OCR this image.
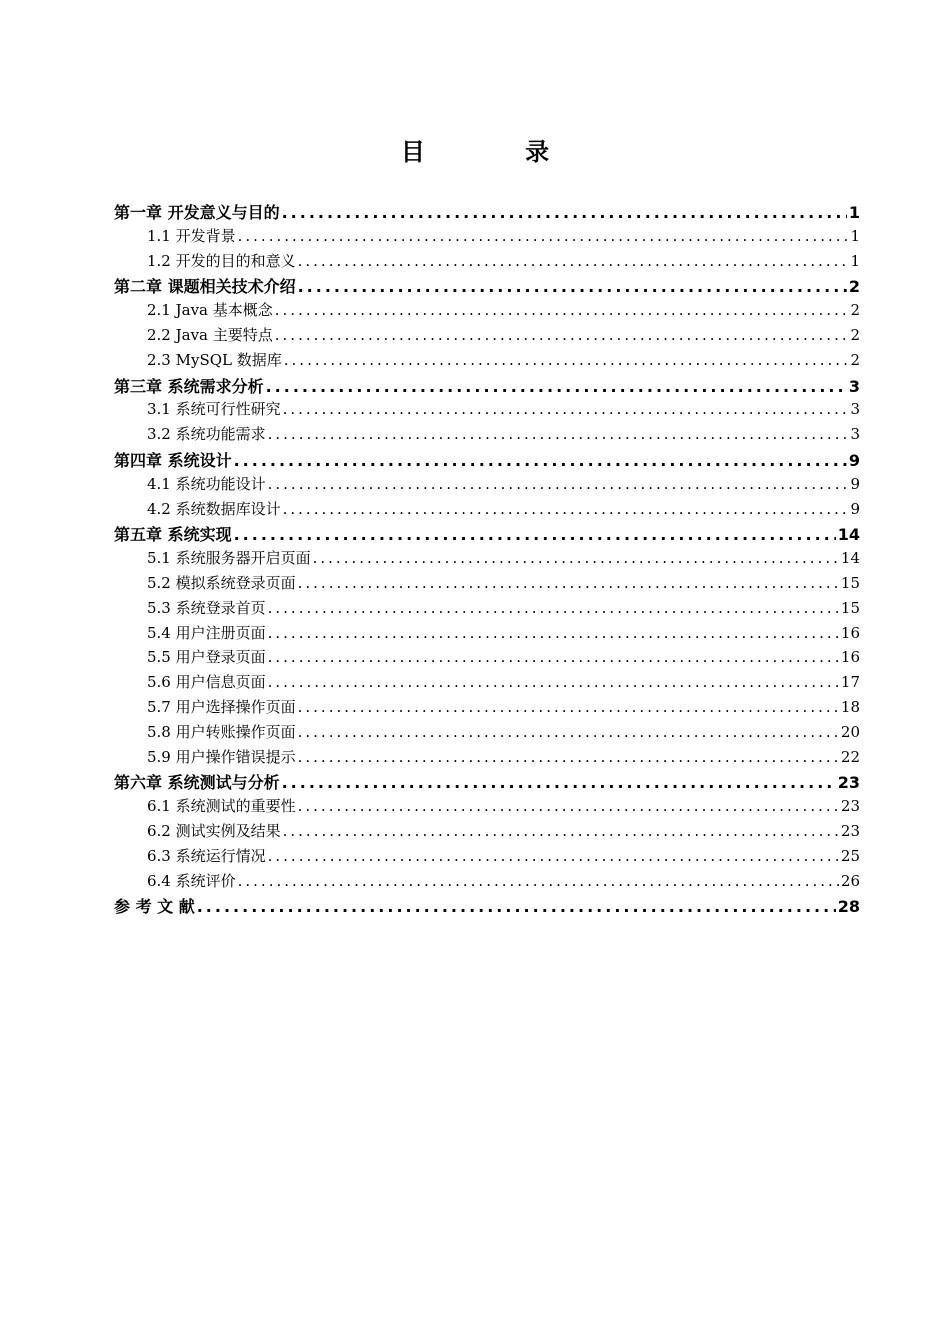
目 录
第一章 开发意义与目的 .....	1
1.1 开发背景 .....	1
1.2 开发的目的和意义 .....	1
第二章 课题相关技术介绍 .....	2
2.1 Java 基本概念 .....	2
2.2 Java 主要特点 .....	2
2.3 MySQL 数据库 .....	2
第三章 系统需求分析 .....	3
3.1 系统可行性研究 .....	3
3.2 系统功能需求 .....	3
第四章 系统设计 .....	9
4.1 系统功能设计 .....	9
4.2 系统数据库设计 .....	9
第五章 系统实现 .....	14
5.1 系统服务器开启页面 .....	14
5.2 模拟系统登录页面 .....	15
5.3 系统登录首页 .....	15
5.4 用户注册页面 .....	16
5.5 用户登录页面 .....	16
5.6 用户信息页面 .....	17
5.7 用户选择操作页面 .....	18
5.8 用户转账操作页面 .....	20
5.9 用户操作错误提示 .....	22
第六章 系统测试与分析 .....	23
6.1 系统测试的重要性 .....	23
6.2 测试实例及结果 .....	23
6.3 系统运行情况 .....	25
6.4 系统评价 .....	26
参 考 文 献 .....	28
